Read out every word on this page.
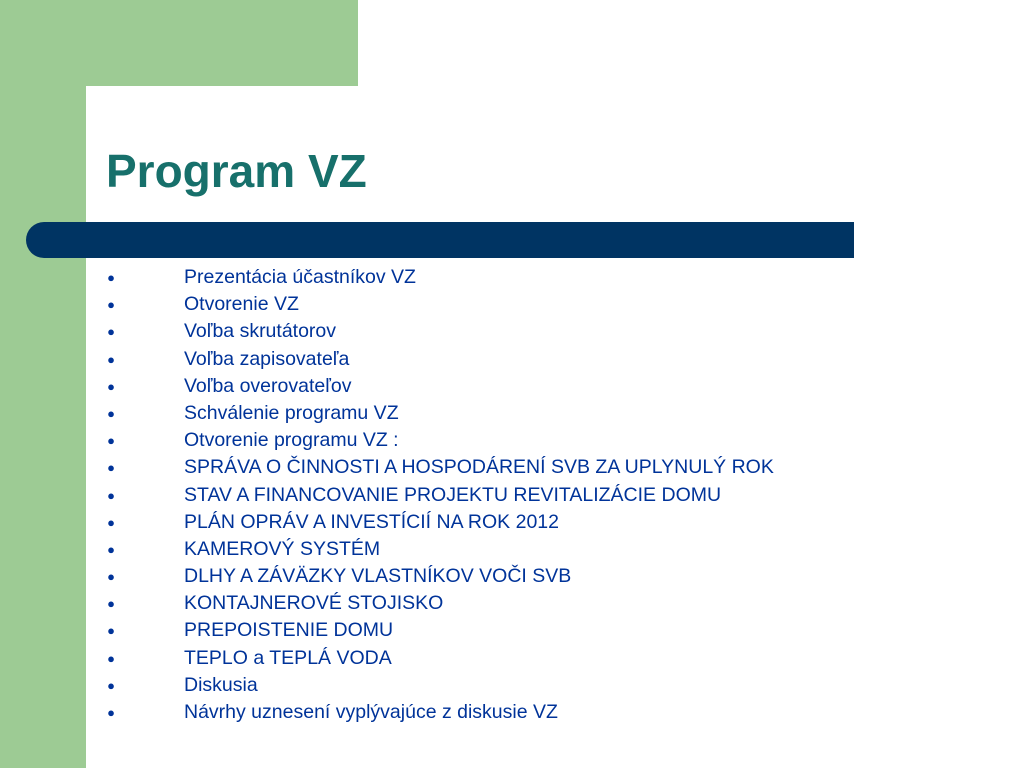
Program VZ
●	Prezentácia účastníkov VZ
●	Otvorenie VZ
●	Voľba skrutátorov
●	Voľba zapisovateľa
●	Voľba overovateľov
●	Schválenie programu VZ
●	Otvorenie programu VZ :
●	SPRÁVA O ČINNOSTI A HOSPODÁRENÍ SVB ZA UPLYNULÝ ROK
●	STAV A FINANCOVANIE PROJEKTU REVITALIZÁCIE DOMU
●	PLÁN OPRÁV A INVESTÍCIÍ NA ROK 2012
●	KAMEROVÝ SYSTÉM
●	DLHY A ZÁVÄZKY VLASTNÍKOV VOČI SVB
●	KONTAJNEROVÉ STOJISKO
●	PREPOISTENIE DOMU
●	TEPLO a TEPLÁ VODA
●	Diskusia
●	Návrhy uznesení vyplývajúce z diskusie VZ
